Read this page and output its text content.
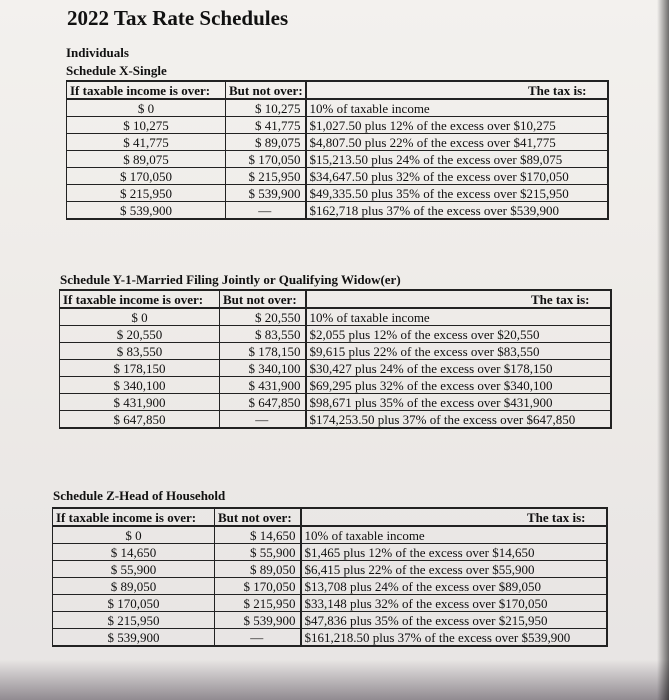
2022 Tax Rate Schedules
Individuals
Schedule X-Single
If taxable income is over:	But not over:	The tax is:
$ 0	$ 10,275	10% of taxable income
$ 10,275	$ 41,775	$1,027.50 plus 12% of the excess over $10,275
$ 41,775	$ 89,075	$4,807.50 plus 22% of the excess over $41,775
$ 89,075	$ 170,050	$15,213.50 plus 24% of the excess over $89,075
$ 170,050	$ 215,950	$34,647.50 plus 32% of the excess over $170,050
$ 215,950	$ 539,900	$49,335.50 plus 35% of the excess over $215,950
$ 539,900	—	$162,718 plus 37% of the excess over $539,900
Schedule Y-1-Married Filing Jointly or Qualifying Widow(er)
If taxable income is over:	But not over:	The tax is:
$ 0	$ 20,550	10% of taxable income
$ 20,550	$ 83,550	$2,055 plus 12% of the excess over $20,550
$ 83,550	$ 178,150	$9,615 plus 22% of the excess over $83,550
$ 178,150	$ 340,100	$30,427 plus 24% of the excess over $178,150
$ 340,100	$ 431,900	$69,295 plus 32% of the excess over $340,100
$ 431,900	$ 647,850	$98,671 plus 35% of the excess over $431,900
$ 647,850	—	$174,253.50 plus 37% of the excess over $647,850
Schedule Z-Head of Household
If taxable income is over:	But not over:	The tax is:
$ 0	$ 14,650	10% of taxable income
$ 14,650	$ 55,900	$1,465 plus 12% of the excess over $14,650
$ 55,900	$ 89,050	$6,415 plus 22% of the excess over $55,900
$ 89,050	$ 170,050	$13,708 plus 24% of the excess over $89,050
$ 170,050	$ 215,950	$33,148 plus 32% of the excess over $170,050
$ 215,950	$ 539,900	$47,836 plus 35% of the excess over $215,950
$ 539,900	—	$161,218.50 plus 37% of the excess over $539,900
